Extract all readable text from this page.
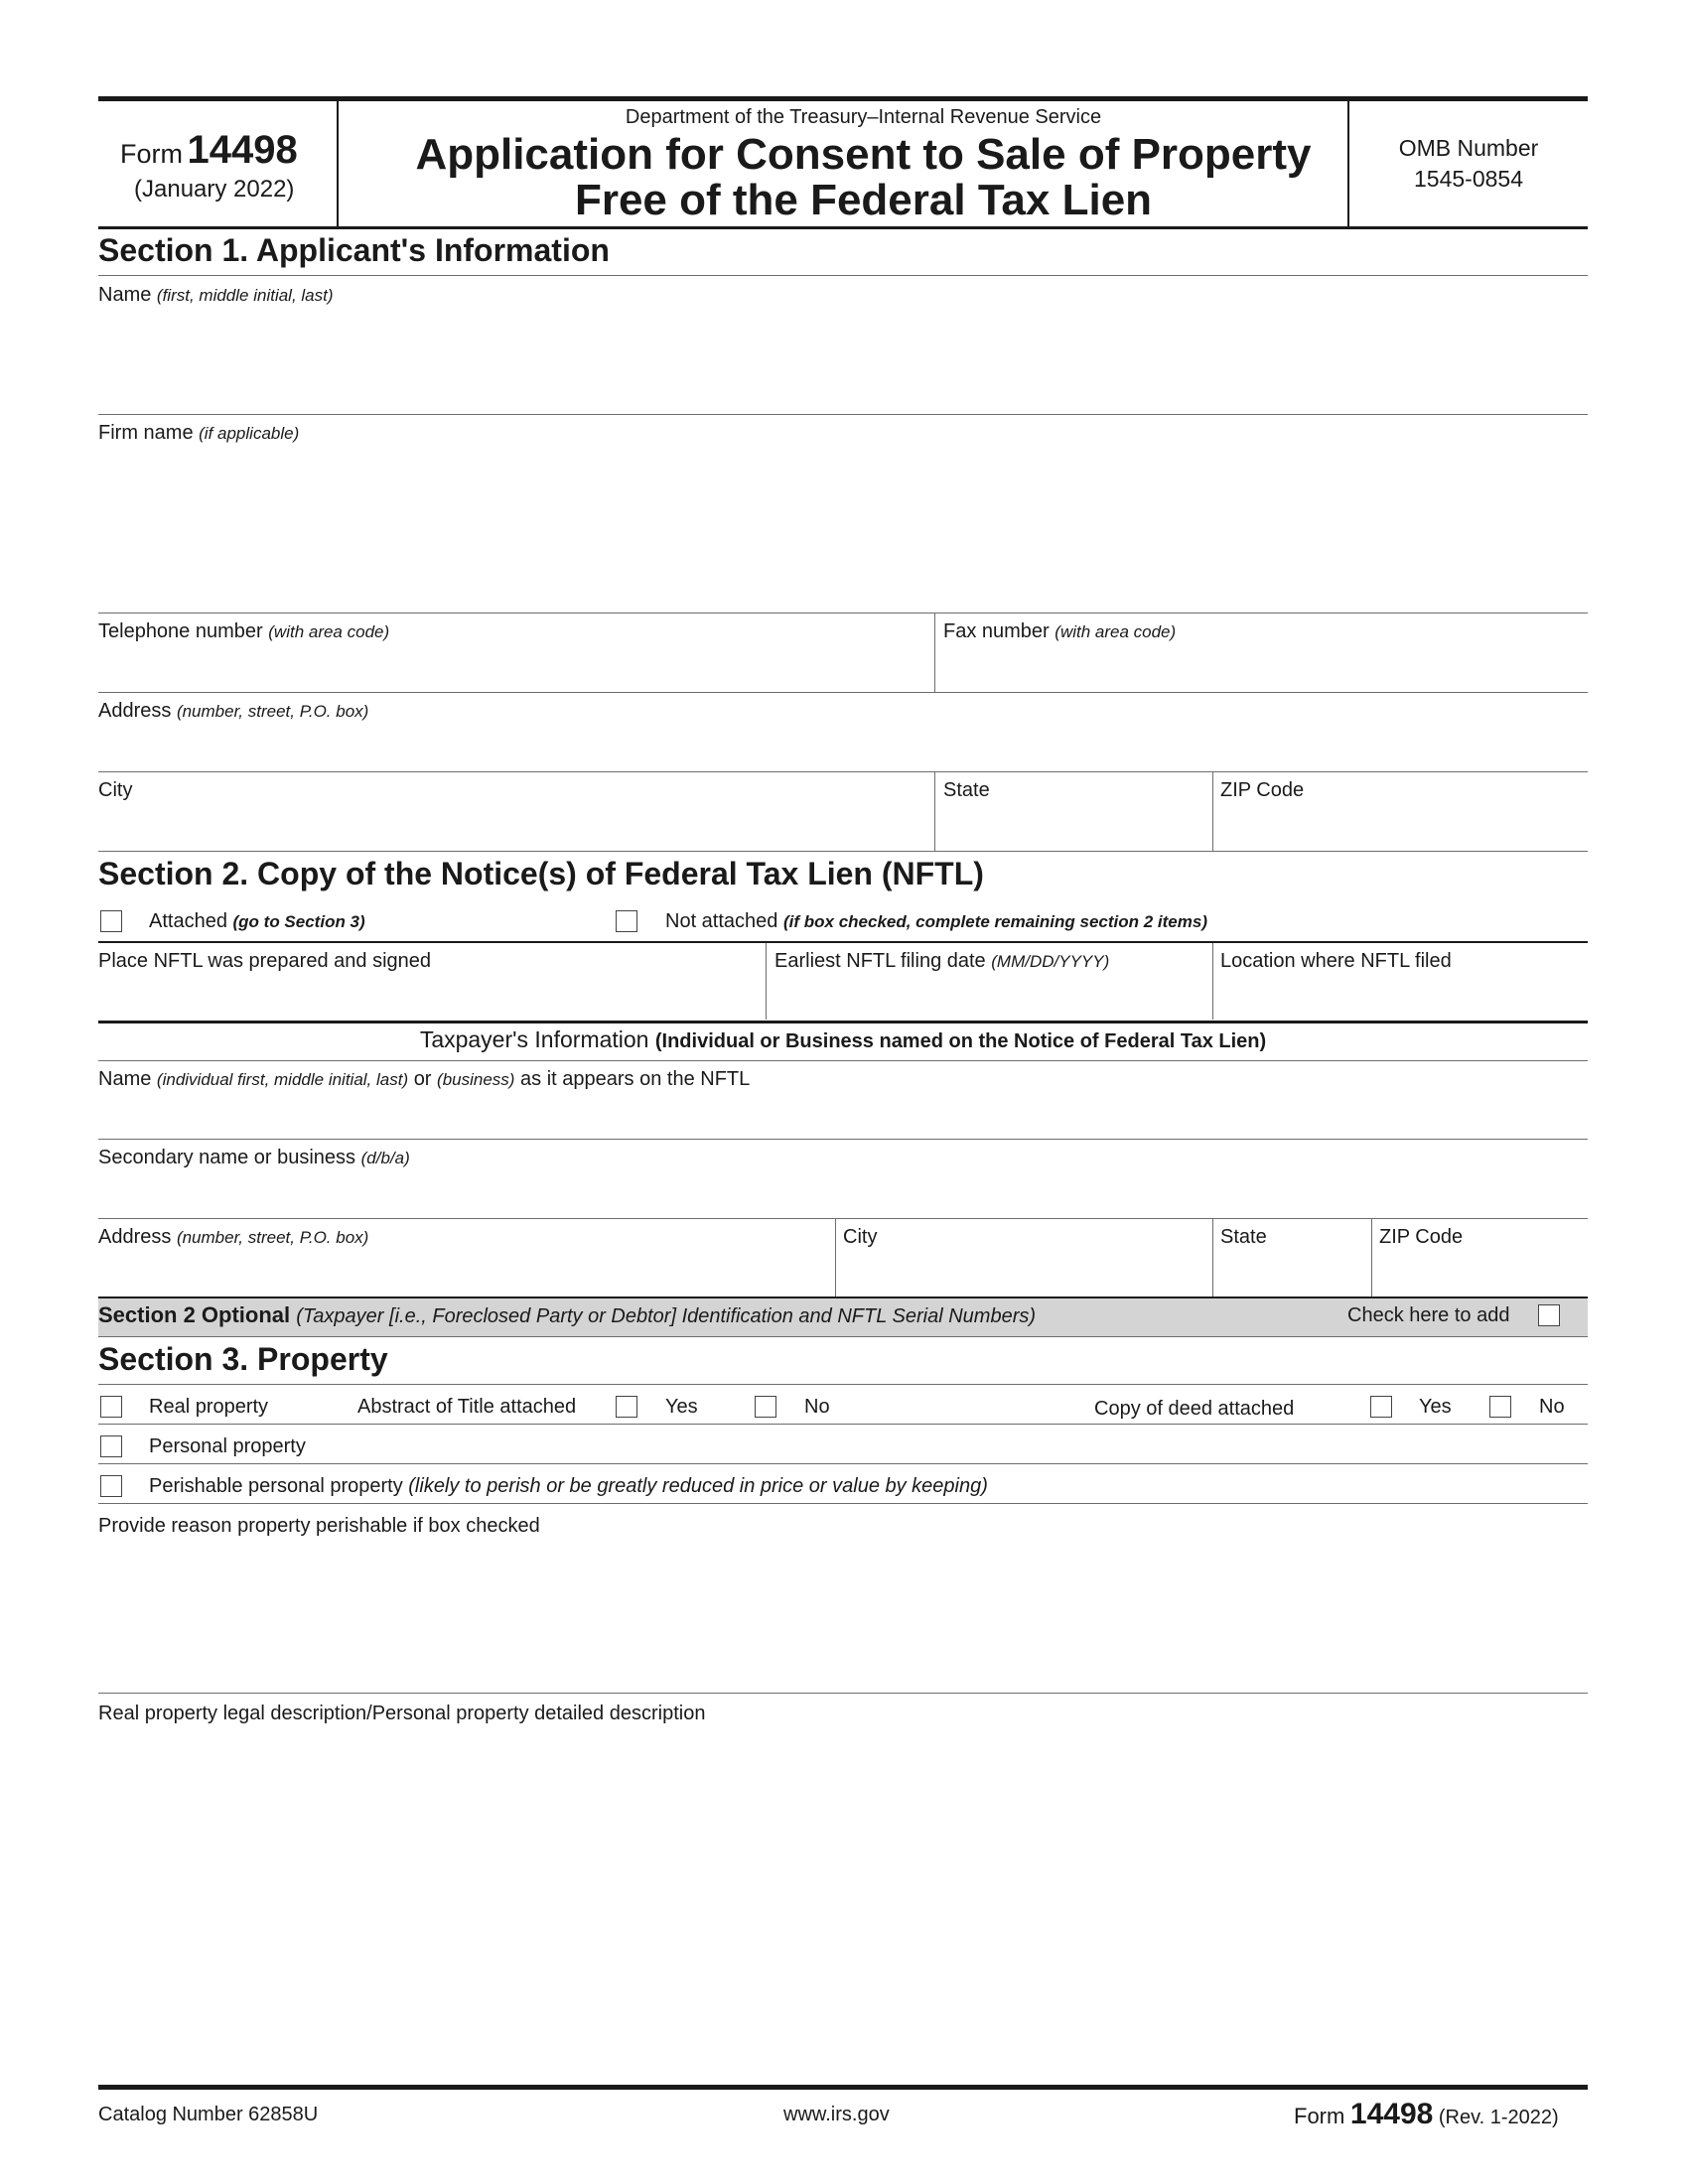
Form 14498
(January 2022)
Department of the Treasury–Internal Revenue Service
Application for Consent to Sale of Property
Free of the Federal Tax Lien
OMB Number
1545-0854
Section 1. Applicant's Information
Name (first, middle initial, last)
Firm name (if applicable)
Telephone number (with area code)	Fax number (with area code)
Address (number, street, P.O. box)
City	State	ZIP Code
Section 2. Copy of the Notice(s) of Federal Tax Lien (NFTL)
Attached (go to Section 3)	Not attached (if box checked, complete remaining section 2 items)
Place NFTL was prepared and signed	Earliest NFTL filing date (MM/DD/YYYY)	Location where NFTL filed
Taxpayer's Information (Individual or Business named on the Notice of Federal Tax Lien)
Name (individual first, middle initial, last) or (business) as it appears on the NFTL
Secondary name or business (d/b/a)
Address (number, street, P.O. box)	City	State	ZIP Code
Section 2 Optional (Taxpayer [i.e., Foreclosed Party or Debtor] Identification and NFTL Serial Numbers)	Check here to add
Section 3. Property
Real property	Abstract of Title attached	Yes	No	Copy of deed attached	Yes	No
Personal property
Perishable personal property (likely to perish or be greatly reduced in price or value by keeping)
Provide reason property perishable if box checked
Real property legal description/Personal property detailed description
Catalog Number 62858U	www.irs.gov	Form 14498 (Rev. 1-2022)
